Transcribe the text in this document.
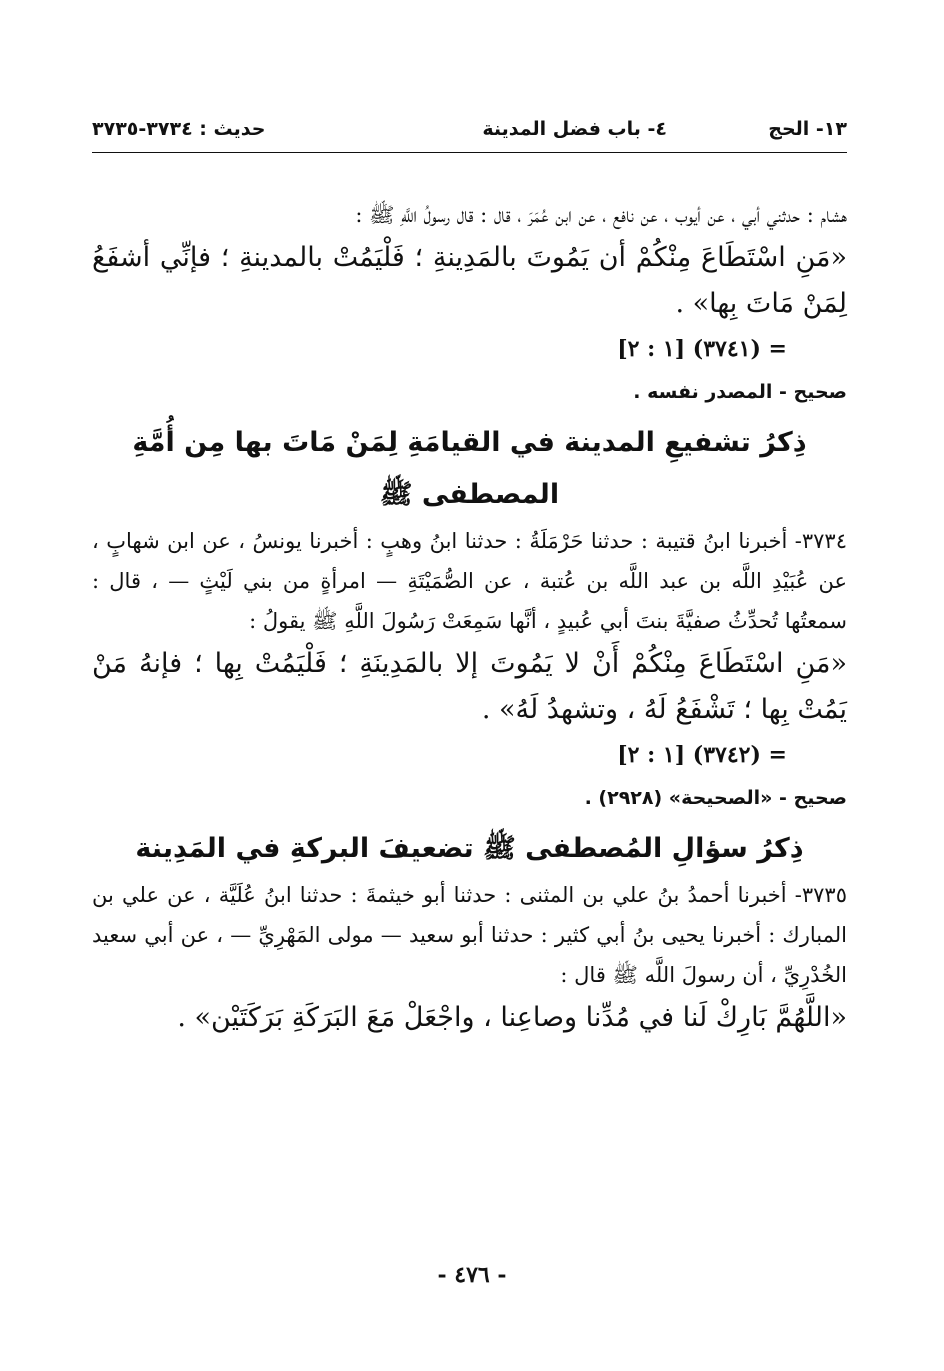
١٣- الحج
٤- باب فضل المدينة
حديث : ٣٧٣٤-٣٧٣٥

هشام : حدثني أبي ، عن أيوب ، عن نافع ، عن ابن عُمَرَ ، قال : قال رسولُ اللَّهِ ﷺ :

«مَنِ اسْتَطَاعَ مِنْكُمْ أن يَمُوتَ بالمَدِينةِ ؛ فَلْيَمُتْ بالمدينةِ ؛ فإنِّي أشفَعُ لِمَنْ مَاتَ بِها» .

= (٣٧٤١) [١ : ٢]

صحيح - المصدر نفسه .

ذِكرُ تشفيعِ المدينة في القيامَةِ لِمَنْ مَاتَ بها مِن أُمَّةِ المصطفى ﷺ

٣٧٣٤- أخبرنا ابنُ قتيبة : حدثنا حَرْمَلَةُ : حدثنا ابنُ وهبٍ : أخبرنا يونسُ ، عن ابن شهابٍ ، عن عُبَيْدِ اللَّه بن عبد اللَّه بن عُتبة ، عن الصُّمَيْتَةِ — امرأةٍ من بني لَيْثٍ — ، قال : سمعتُها تُحدِّثُ صفيَّةَ بنتَ أبي عُبيدٍ ، أنَّها سَمِعَتْ رَسُولَ اللَّهِ ﷺ يقولُ :

«مَنِ اسْتَطَاعَ مِنْكُمْ أَنْ لا يَمُوتَ إلا بالمَدِينَةِ ؛ فَلْيَمُتْ بِها ؛ فإنهُ مَنْ يَمُتْ بِها ؛ تَشْفَعُ لَهُ ، وتشهدُ لَهُ» .

= (٣٧٤٢) [١ : ٢]

صحيح - «الصحيحة» (٢٩٢٨) .

ذِكرُ سؤالِ المُصطفى ﷺ تضعيفَ البركةِ في المَدِينة

٣٧٣٥- أخبرنا أحمدُ بنُ علي بن المثنى : حدثنا أبو خيثمةَ : حدثنا ابنُ عُلَيَّة ، عن علي بن المبارك : أخبرنا يحيى بنُ أبي كثير : حدثنا أبو سعيد — مولى المَهْرِيِّ — ، عن أبي سعيد الخُدْرِيِّ ، أن رسولَ اللَّه ﷺ قال :

«اللَّهُمَّ بَارِكْ لَنا في مُدِّنا وصاعِنا ، واجْعَلْ مَعَ البَرَكَةِ بَرَكَتَيْن» .

- ٤٧٦ -
